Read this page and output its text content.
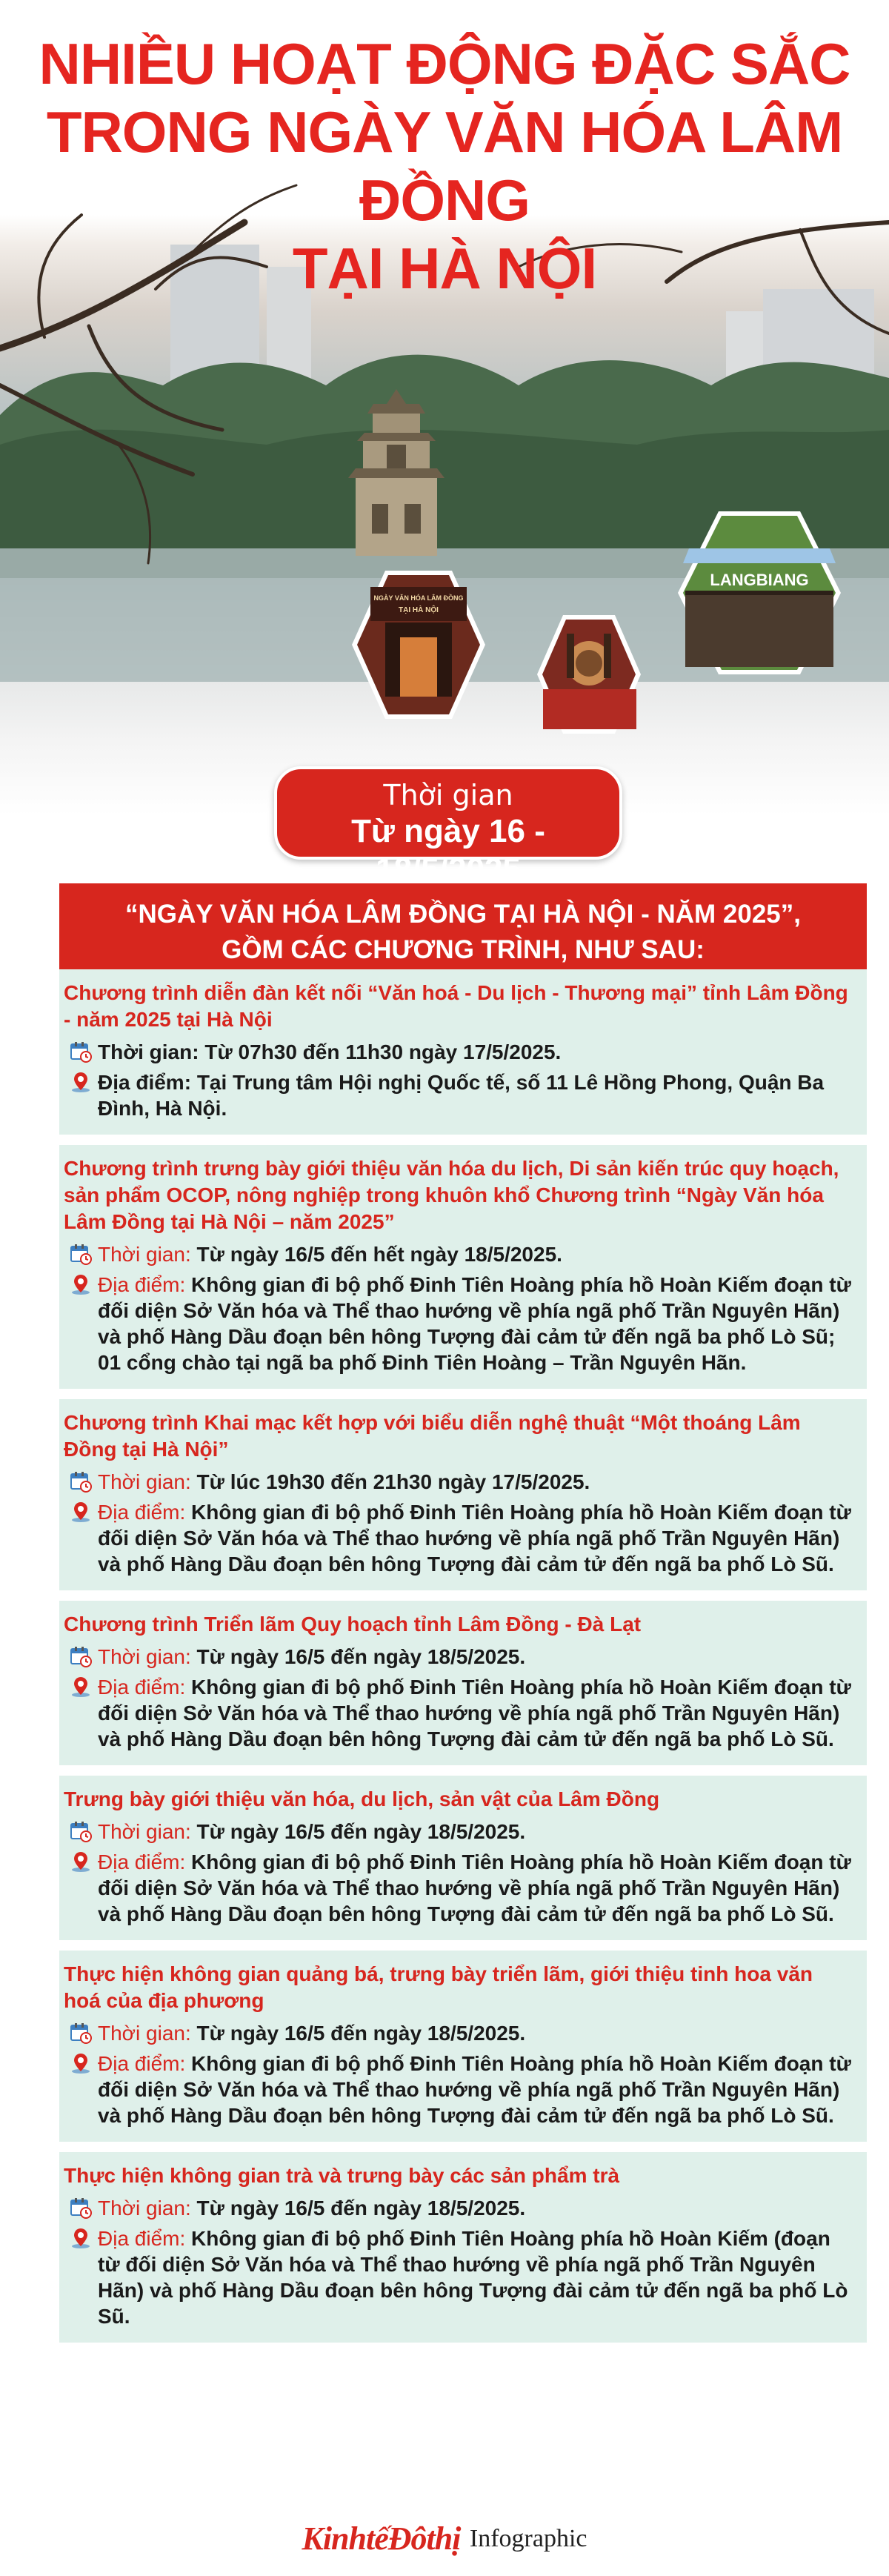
NGÀY VĂN HÓA LÂM ĐỒNG
TẠI HÀ NỘI
LANGBIANG
NHIỀU HOẠT ĐỘNG ĐẶC SẮC
TRONG NGÀY VĂN HÓA LÂM ĐỒNG
TẠI HÀ NỘI
Thời gian
Từ ngày 16 - 18/5/2025
“NGÀY VĂN HÓA LÂM ĐỒNG TẠI HÀ NỘI - NĂM 2025”,
GỒM CÁC CHƯƠNG TRÌNH, NHƯ SAU:
Chương trình diễn đàn kết nối “Văn hoá - Du lịch - Thương mại” tỉnh Lâm Đồng - năm 2025 tại Hà Nội
Thời gian: Từ 07h30 đến 11h30 ngày 17/5/2025.
Địa điểm: Tại Trung tâm Hội nghị Quốc tế, số 11 Lê Hồng Phong, Quận Ba Đình, Hà Nội.
Chương trình trưng bày giới thiệu văn hóa du lịch, Di sản kiến trúc quy hoạch, sản phẩm OCOP, nông nghiệp trong khuôn khổ Chương trình “Ngày Văn hóa Lâm Đồng tại Hà Nội – năm 2025”
Thời gian: Từ ngày 16/5 đến hết ngày 18/5/2025.
Địa điểm: Không gian đi bộ phố Đinh Tiên Hoàng phía hồ Hoàn Kiếm đoạn từ đối diện Sở Văn hóa và Thể thao hướng về phía ngã phố Trần Nguyên Hãn) và phố Hàng Dầu đoạn bên hông Tượng đài cảm tử đến ngã ba phố Lò Sũ; 01 cổng chào tại ngã ba phố Đinh Tiên Hoàng – Trần Nguyên Hãn.
Chương trình Khai mạc kết hợp với biểu diễn nghệ thuật “Một thoáng Lâm Đồng tại Hà Nội”
Thời gian: Từ lúc 19h30 đến 21h30 ngày 17/5/2025.
Địa điểm: Không gian đi bộ phố Đinh Tiên Hoàng phía hồ Hoàn Kiếm đoạn từ đối diện Sở Văn hóa và Thể thao hướng về phía ngã phố Trần Nguyên Hãn) và phố Hàng Dầu đoạn bên hông Tượng đài cảm tử đến ngã ba phố Lò Sũ.
Chương trình Triển lãm Quy hoạch tỉnh Lâm Đồng - Đà Lạt
Thời gian: Từ ngày 16/5 đến ngày 18/5/2025.
Địa điểm: Không gian đi bộ phố Đinh Tiên Hoàng phía hồ Hoàn Kiếm đoạn từ đối diện Sở Văn hóa và Thể thao hướng về phía ngã phố Trần Nguyên Hãn) và phố Hàng Dầu đoạn bên hông Tượng đài cảm tử đến ngã ba phố Lò Sũ.
Trưng bày giới thiệu văn hóa, du lịch, sản vật của Lâm Đồng
Thời gian: Từ ngày 16/5 đến ngày 18/5/2025.
Địa điểm: Không gian đi bộ phố Đinh Tiên Hoàng phía hồ Hoàn Kiếm đoạn từ đối diện Sở Văn hóa và Thể thao hướng về phía ngã phố Trần Nguyên Hãn) và phố Hàng Dầu đoạn bên hông Tượng đài cảm tử đến ngã ba phố Lò Sũ.
Thực hiện không gian quảng bá, trưng bày triển lãm, giới thiệu tinh hoa văn hoá của địa phương
Thời gian: Từ ngày 16/5 đến ngày 18/5/2025.
Địa điểm: Không gian đi bộ phố Đinh Tiên Hoàng phía hồ Hoàn Kiếm đoạn từ đối diện Sở Văn hóa và Thể thao hướng về phía ngã phố Trần Nguyên Hãn) và phố Hàng Dầu đoạn bên hông Tượng đài cảm tử đến ngã ba phố Lò Sũ.
Thực hiện không gian trà và trưng bày các sản phẩm trà
Thời gian: Từ ngày 16/5 đến ngày 18/5/2025.
Địa điểm: Không gian đi bộ phố Đinh Tiên Hoàng phía hồ Hoàn Kiếm (đoạn từ đối diện Sở Văn hóa và Thể thao hướng về phía ngã phố Trần Nguyên Hãn) và phố Hàng Dầu đoạn bên hông Tượng đài cảm tử đến ngã ba phố Lò Sũ.
KinhtếĐôthị Infographic
